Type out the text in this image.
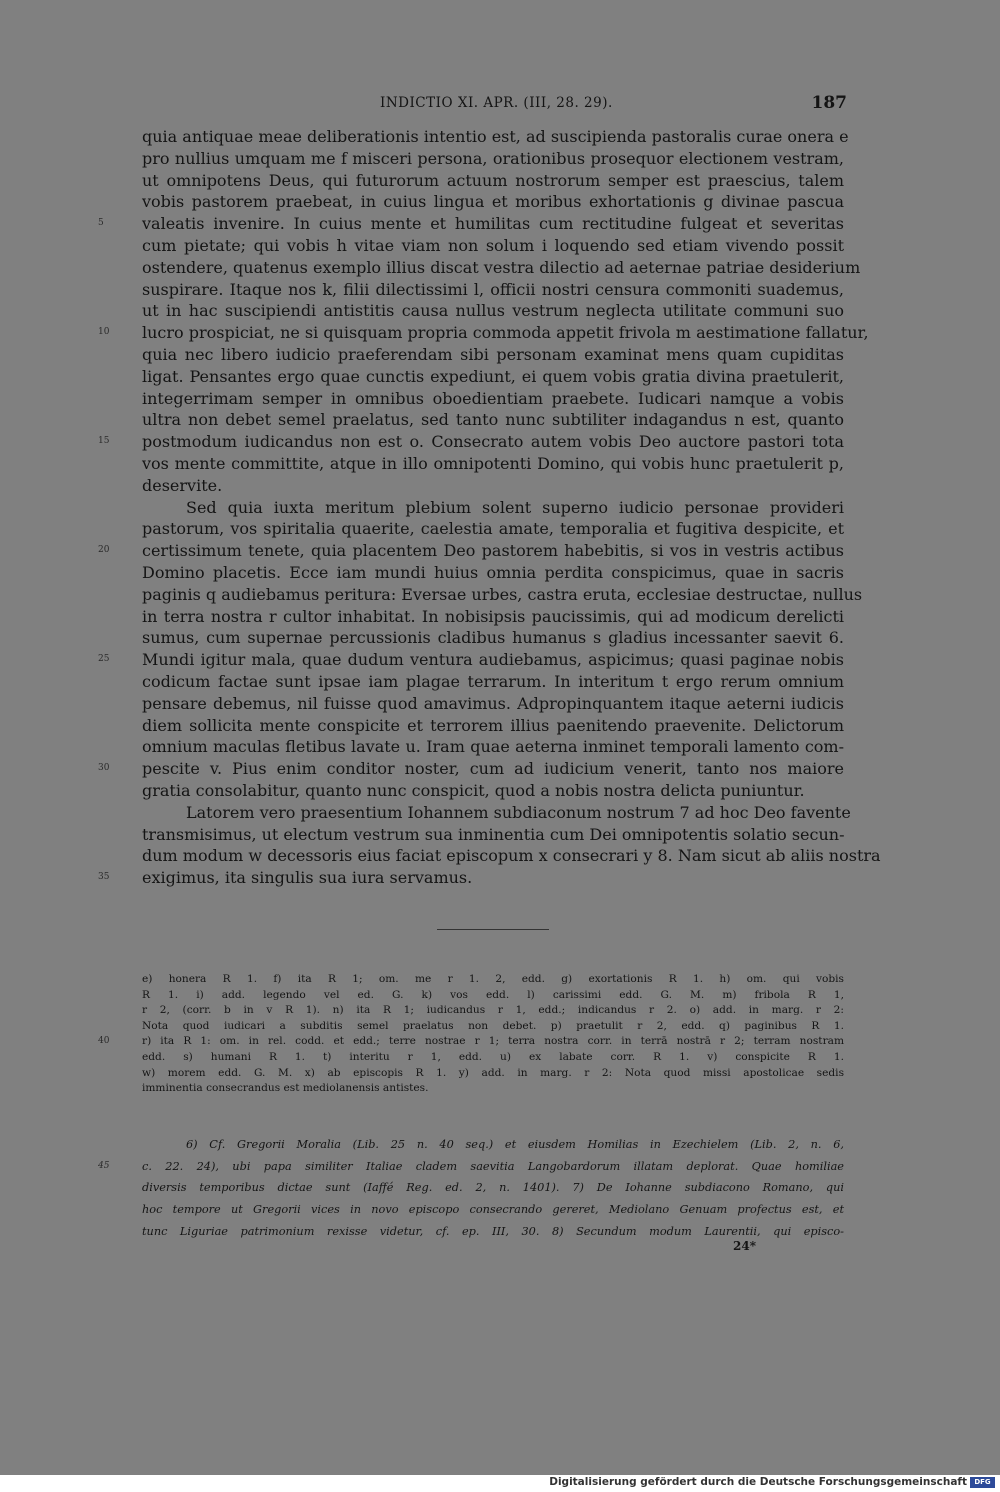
INDICTIO XI. APR. (III, 28. 29).	187
quia antiquae meae deliberationis intentio est, ad suscipienda pastoralis curae onera e
pro nullius umquam me f misceri persona, orationibus prosequor electionem vestram,
ut omnipotens Deus, qui futurorum actuum nostrorum semper est praescius, talem
vobis pastorem praebeat, in cuius lingua et moribus exhortationis g divinae pascua
5	valeatis invenire. In cuius mente et humilitas cum rectitudine fulgeat et severitas
cum pietate; qui vobis h vitae viam non solum i loquendo sed etiam vivendo possit
ostendere, quatenus exemplo illius discat vestra dilectio ad aeternae patriae desiderium
suspirare. Itaque nos k, filii dilectissimi l, officii nostri censura commoniti suademus,
ut in hac suscipiendi antistitis causa nullus vestrum neglecta utilitate communi suo
10	lucro prospiciat, ne si quisquam propria commoda appetit frivola m aestimatione fallatur,
quia nec libero iudicio praeferendam sibi personam examinat mens quam cupiditas
ligat. Pensantes ergo quae cunctis expediunt, ei quem vobis gratia divina praetulerit,
integerrimam semper in omnibus oboedientiam praebete. Iudicari namque a vobis
ultra non debet semel praelatus, sed tanto nunc subtiliter indagandus n est, quanto
15	postmodum iudicandus non est o. Consecrato autem vobis Deo auctore pastori tota
vos mente committite, atque in illo omnipotenti Domino, qui vobis hunc praetulerit p,
deservite.
Sed quia iuxta meritum plebium solent superno iudicio personae provideri
pastorum, vos spiritalia quaerite, caelestia amate, temporalia et fugitiva despicite, et
20	certissimum tenete, quia placentem Deo pastorem habebitis, si vos in vestris actibus
Domino placetis. Ecce iam mundi huius omnia perdita conspicimus, quae in sacris
paginis q audiebamus peritura: Eversae urbes, castra eruta, ecclesiae destructae, nullus
in terra nostra r cultor inhabitat. In nobisipsis paucissimis, qui ad modicum derelicti
sumus, cum supernae percussionis cladibus humanus s gladius incessanter saevit 6.
25	Mundi igitur mala, quae dudum ventura audiebamus, aspicimus; quasi paginae nobis
codicum factae sunt ipsae iam plagae terrarum. In interitum t ergo rerum omnium
pensare debemus, nil fuisse quod amavimus. Adpropinquantem itaque aeterni iudicis
diem sollicita mente conspicite et terrorem illius paenitendo praevenite. Delictorum
omnium maculas fletibus lavate u. Iram quae aeterna inminet temporali lamento com-
30	pescite v. Pius enim conditor noster, cum ad iudicium venerit, tanto nos maiore
gratia consolabitur, quanto nunc conspicit, quod a nobis nostra delicta puniuntur.
Latorem vero praesentium Iohannem subdiaconum nostrum 7 ad hoc Deo favente
transmisimus, ut electum vestrum sua inminentia cum Dei omnipotentis solatio secun-
dum modum w decessoris eius faciat episcopum x consecrari y 8. Nam sicut ab aliis nostra
35	exigimus, ita singulis sua iura servamus.
e) honera R 1. f) ita R 1; om. me r 1. 2, edd. g) exortationis R 1. h) om. qui vobis
R 1. i) add. legendo vel ed. G. k) vos edd. l) carissimi edd. G. M. m) fribola R 1,
r 2, (corr. b in v R 1). n) ita R 1; iudicandus r 1, edd.; indicandus r 2. o) add. in marg. r 2:
Nota quod iudicari a subditis semel praelatus non debet. p) praetulit r 2, edd. q) paginibus R 1.
40	r) ita R 1: om. in rel. codd. et edd.; terre nostrae r 1; terra nostra corr. in terrā nostrā r 2; terram nostram
edd. s) humani R 1. t) interitu r 1, edd. u) ex labate corr. R 1. v) conspicite R 1.
w) morem edd. G. M. x) ab episcopis R 1. y) add. in marg. r 2: Nota quod missi apostolicae sedis
imminentia consecrandus est mediolanensis antistes.
6) Cf. Gregorii Moralia (Lib. 25 n. 40 seq.) et eiusdem Homilias in Ezechielem (Lib. 2, n. 6,
45	c. 22. 24), ubi papa similiter Italiae cladem saevitia Langobardorum illatam deplorat. Quae homiliae
diversis temporibus dictae sunt (Iaffé Reg. ed. 2, n. 1401). 7) De Iohanne subdiacono Romano, qui
hoc tempore ut Gregorii vices in novo episcopo consecrando gereret, Mediolano Genuam profectus est, et
tunc Liguriae patrimonium rexisse videtur, cf. ep. III, 30. 8) Secundum modum Laurentii, qui episco-
24*
Digitalisierung gefördert durch die Deutsche Forschungsgemeinschaft	DFG
